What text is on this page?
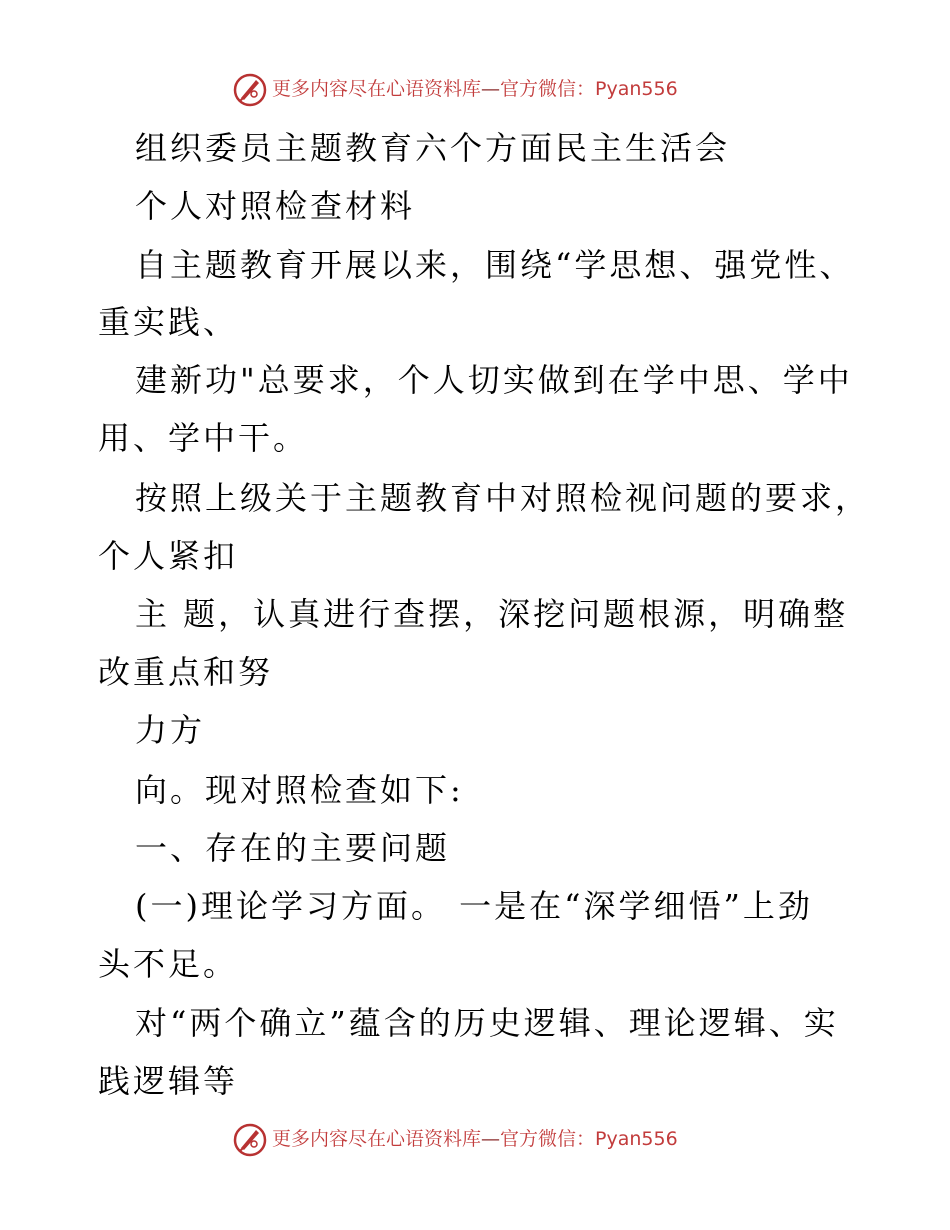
更多内容尽在心语资料库—官方微信：Pyan556
组织委员主题教育六个方面民主生活会
个人对照检查材料
自主题教育开展以来，围绕“学思想、强党性、
重实践、
建新功"总要求，个人切实做到在学中思、学中
用、学中干。
按照上级关于主题教育中对照检视问题的要求，
个人紧扣
主 题，认真进行查摆，深挖问题根源，明确整
改重点和努
力方
向。现对照检查如下:
一、存在的主要问题
(一)理论学习方面。 一是在“深学细悟”上劲
头不足。
对“两个确立”蕴含的历史逻辑、理论逻辑、实
践逻辑等
更多内容尽在心语资料库—官方微信：Pyan556
